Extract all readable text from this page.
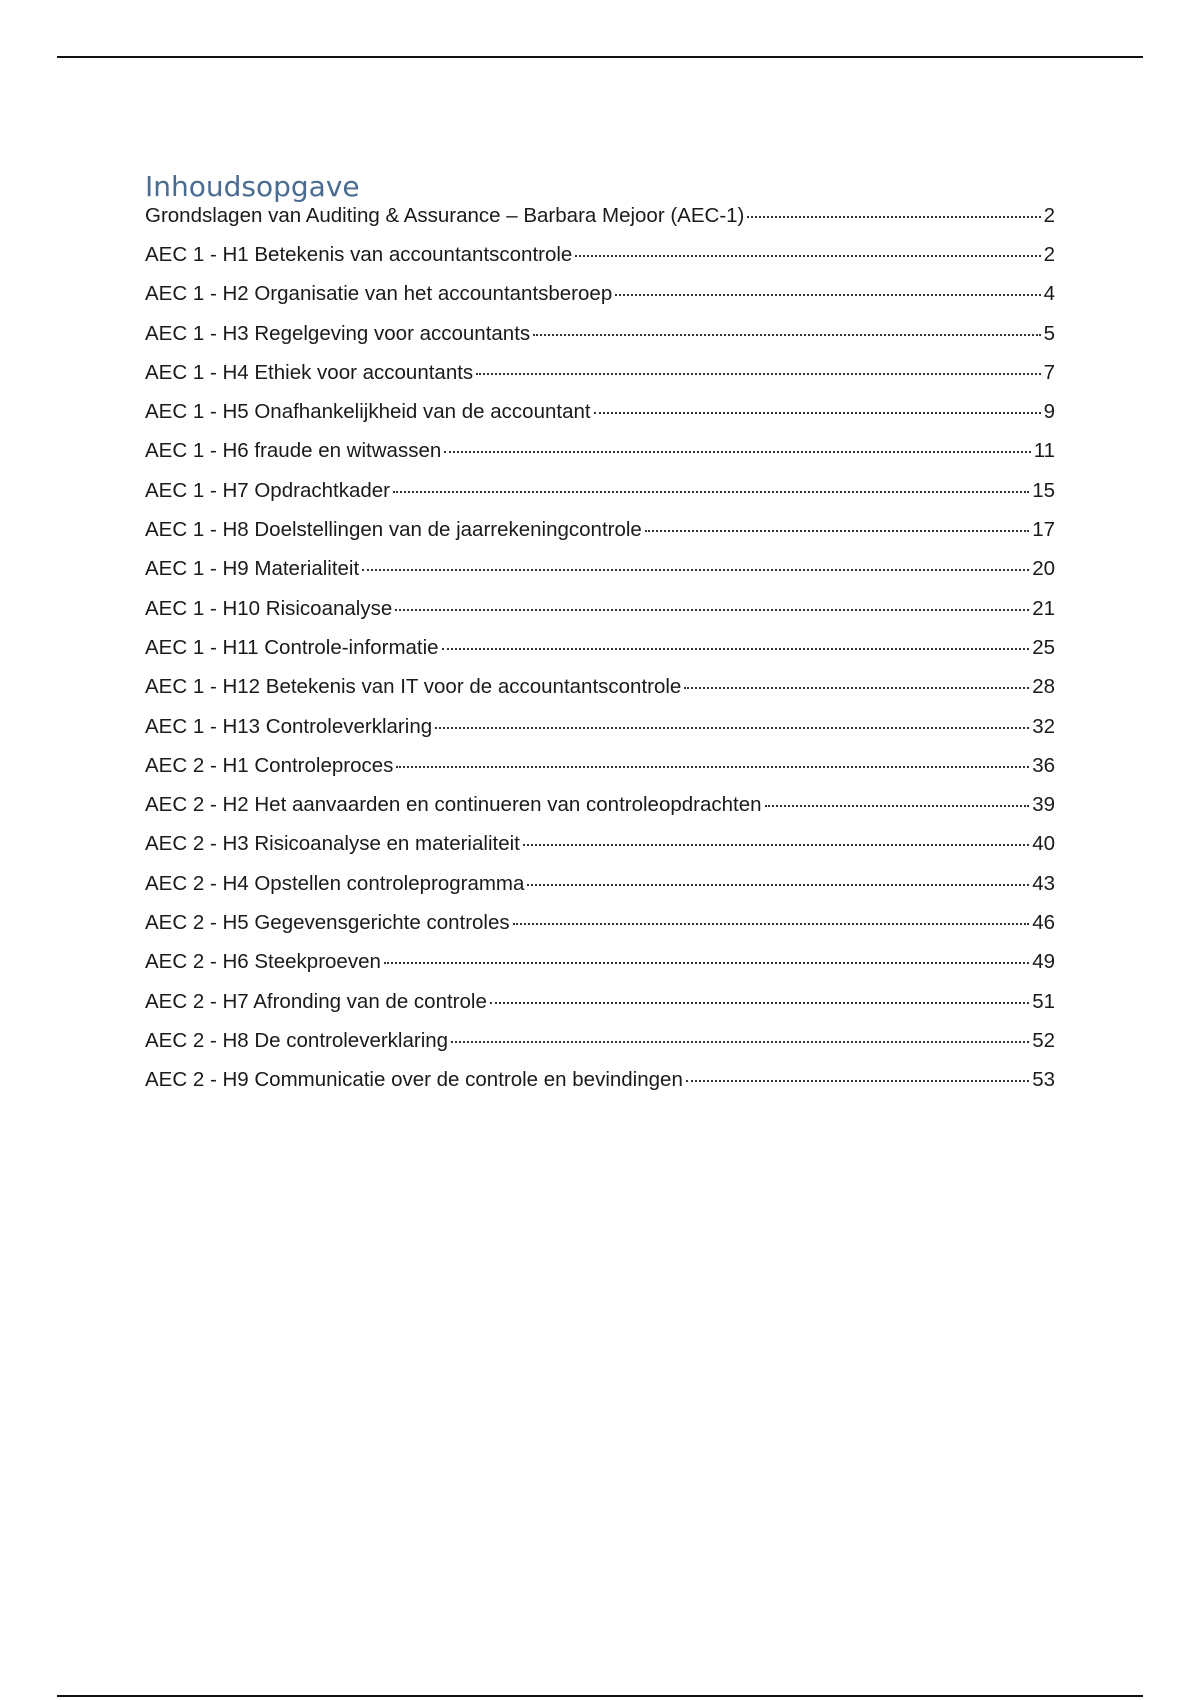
Inhoudsopgave
Grondslagen van Auditing & Assurance – Barbara Mejoor (AEC-1)	2
AEC 1 - H1 Betekenis van accountantscontrole	2
AEC 1 - H2 Organisatie van het accountantsberoep	4
AEC 1 - H3 Regelgeving voor accountants	5
AEC 1 - H4 Ethiek voor accountants	7
AEC 1 - H5 Onafhankelijkheid van de accountant	9
AEC 1 - H6 fraude en witwassen	11
AEC 1 - H7 Opdrachtkader	15
AEC 1 - H8 Doelstellingen van de jaarrekeningcontrole	17
AEC 1 - H9 Materialiteit	20
AEC 1 - H10 Risicoanalyse	21
AEC 1 - H11 Controle-informatie	25
AEC 1 - H12 Betekenis van IT voor de accountantscontrole	28
AEC 1 - H13 Controleverklaring	32
AEC 2 - H1 Controleproces	36
AEC 2 - H2 Het aanvaarden en continueren van controleopdrachten	39
AEC 2 - H3 Risicoanalyse en materialiteit	40
AEC 2 - H4 Opstellen controleprogramma	43
AEC 2 - H5 Gegevensgerichte controles	46
AEC 2 - H6 Steekproeven	49
AEC 2 - H7 Afronding van de controle	51
AEC 2 - H8 De controleverklaring	52
AEC 2 - H9 Communicatie over de controle en bevindingen	53
